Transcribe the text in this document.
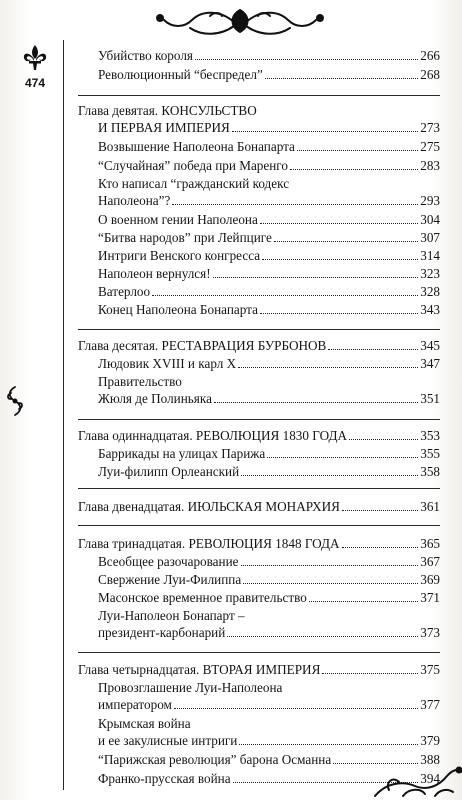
474
Убийство короля	266
Революционный “беспредел”	268
Глава девятая. КОНСУЛЬСТВО
И ПЕРВАЯ ИМПЕРИЯ	273
Возвышение Наполеона Бонапарта	275
“Случайная” победа при Маренго	283
Кто написал “гражданский кодекс
Наполеона”?	293
О военном гении Наполеона	304
“Битва народов” при Лейпциге	307
Интриги Венского конгресса	314
Наполеон вернулся!	323
Ватерлоо	328
Конец Наполеона Бонапарта	343
Глава десятая. РЕСТАВРАЦИЯ БУРБОНОВ	345
Людовик XVIII и карл X	347
Правительство
Жюля де Полиньяка	351
Глава одиннадцатая. РЕВОЛЮЦИЯ 1830 ГОДА	353
Баррикады на улицах Парижа	355
Луи-филипп Орлеанский	358
Глава двенадцатая. ИЮЛЬСКАЯ МОНАРХИЯ	361
Глава тринадцатая. РЕВОЛЮЦИЯ 1848 ГОДА	365
Всеобщее разочарование	367
Свержение Луи-Филиппа	369
Масонское временное правительство	371
Луи-Наполеон Бонапарт –
президент-карбонарий	373
Глава четырнадцатая. ВТОРАЯ ИМПЕРИЯ	375
Провозглашение Луи-Наполеона
императором	377
Крымская война
и ее закулисные интриги	379
“Парижская революция” барона Османна	388
Франко-прусская война	394
